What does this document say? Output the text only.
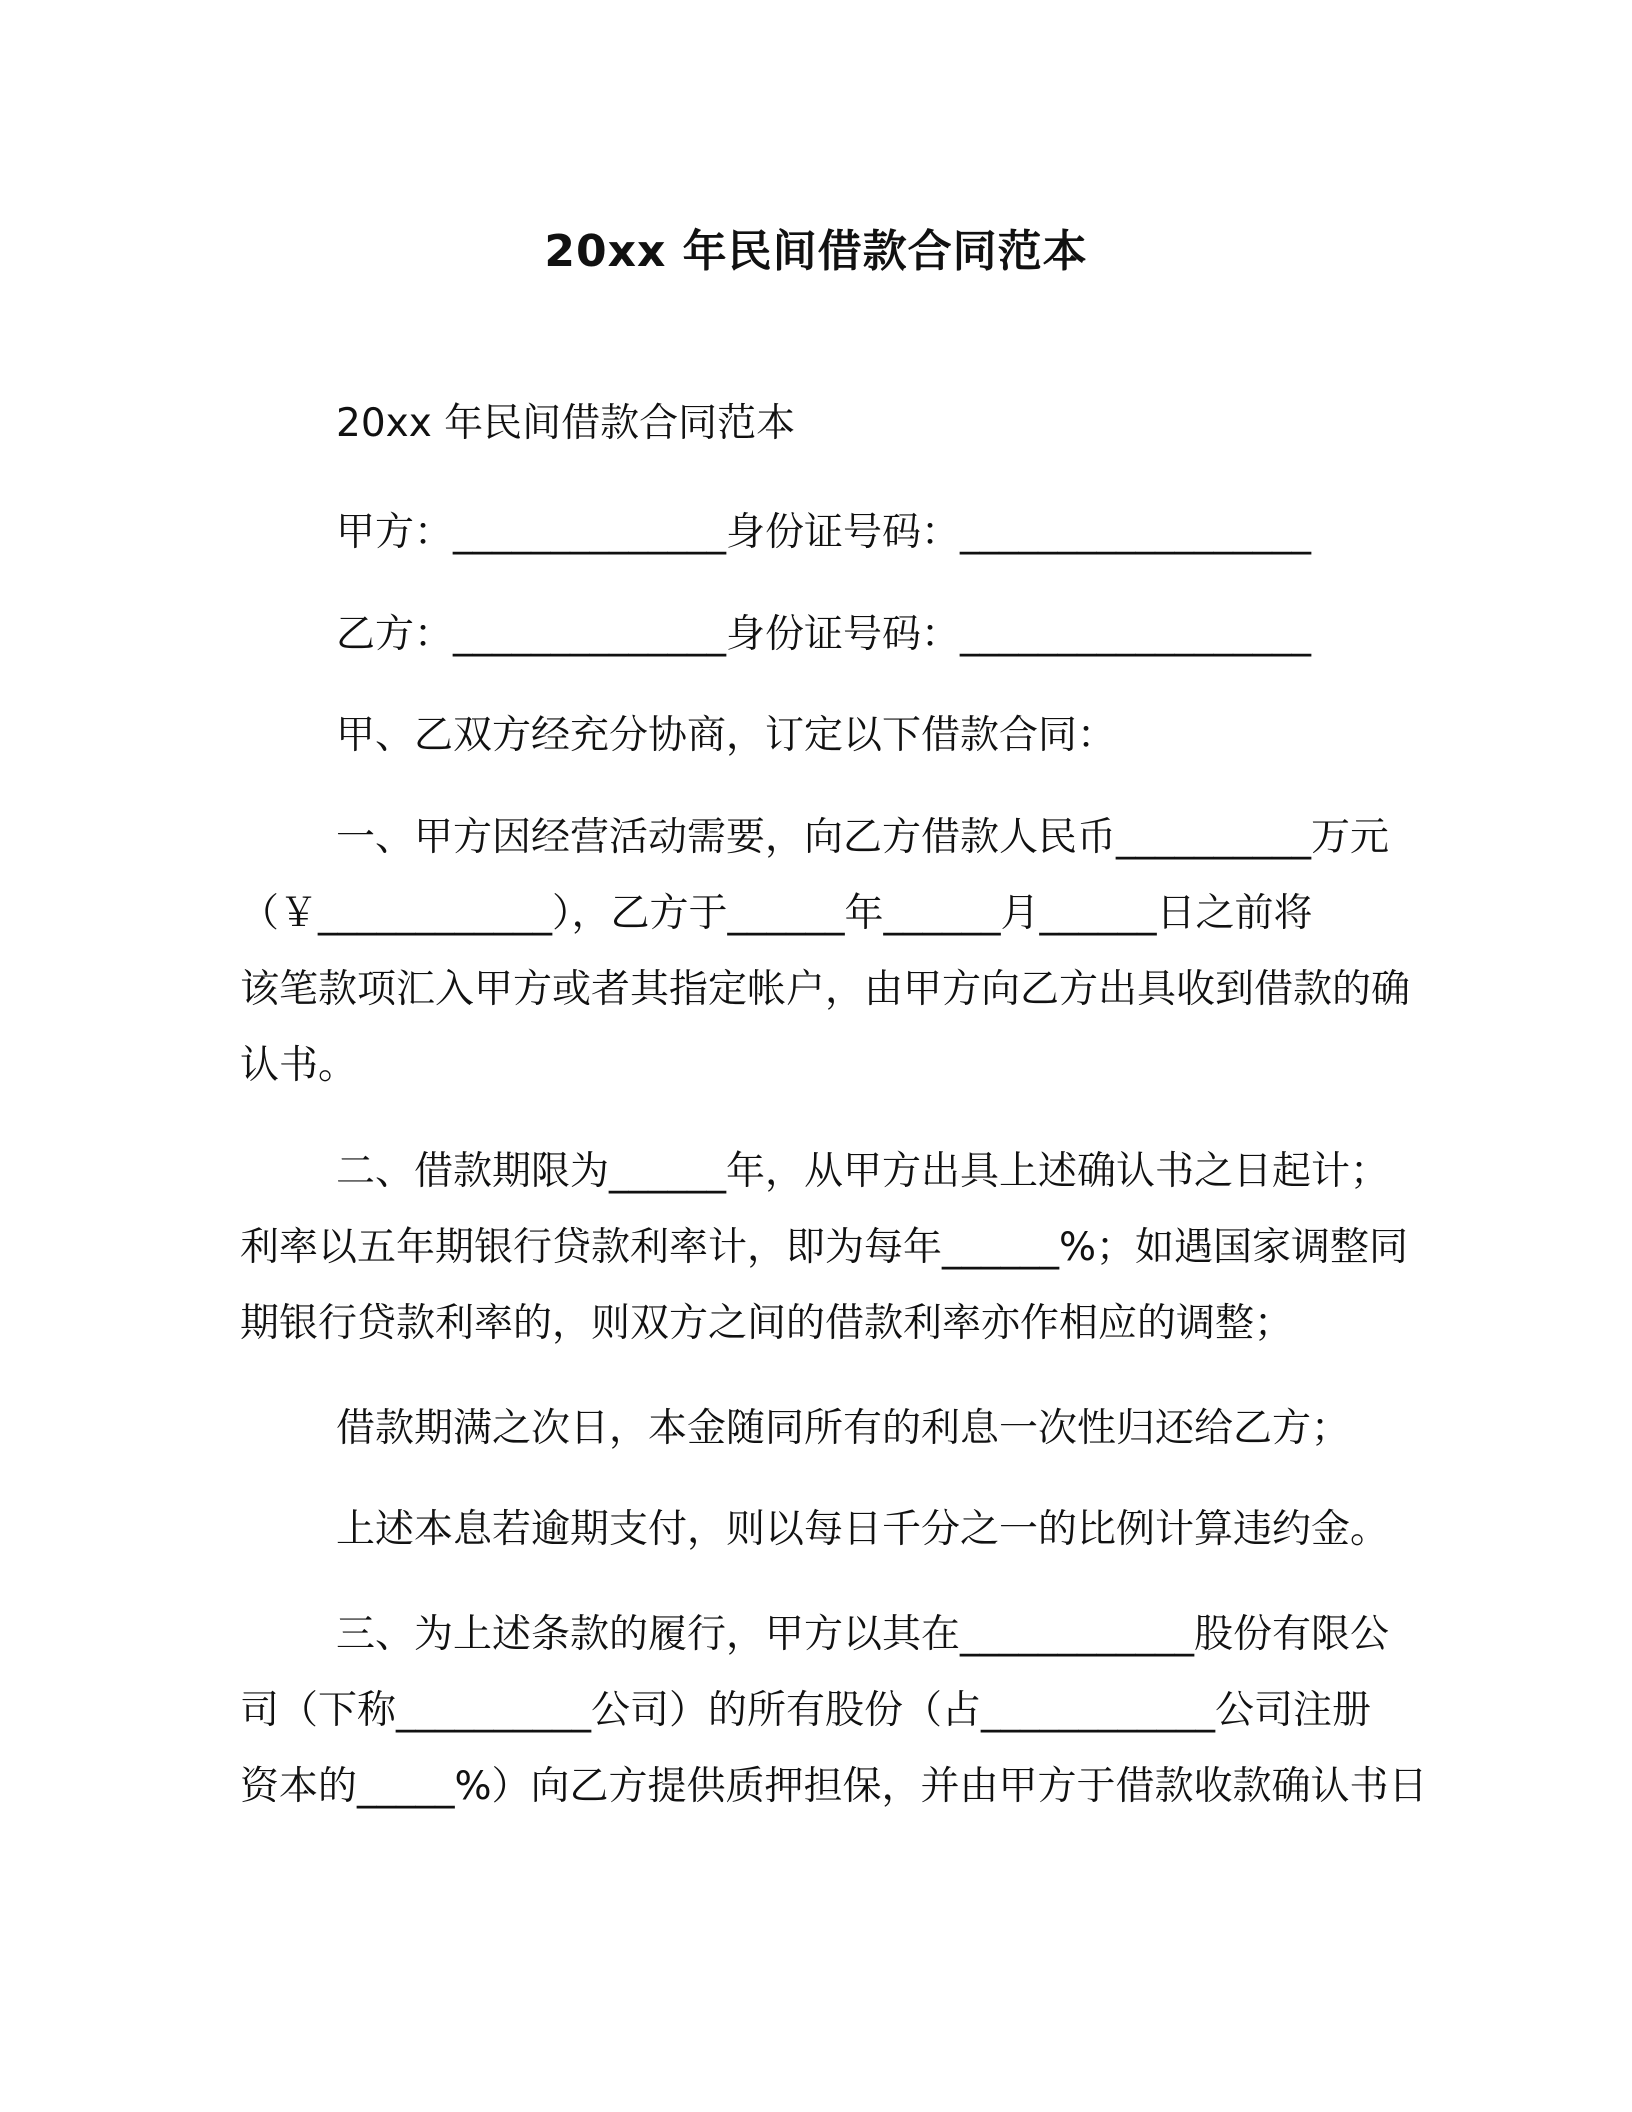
20xx 年民间借款合同范本
20xx 年民间借款合同范本
甲方：______________身份证号码：__________________
乙方：______________身份证号码：__________________
甲、乙双方经充分协商，订定以下借款合同：
一、甲方因经营活动需要，向乙方借款人民币__________万元
（￥____________），乙方于______年______月______日之前将
该笔款项汇入甲方或者其指定帐户，由甲方向乙方出具收到借款的确
认书。
二、借款期限为______年，从甲方出具上述确认书之日起计；
利率以五年期银行贷款利率计，即为每年______%；如遇国家调整同
期银行贷款利率的，则双方之间的借款利率亦作相应的调整；
借款期满之次日，本金随同所有的利息一次性归还给乙方；
上述本息若逾期支付，则以每日千分之一的比例计算违约金。
三、为上述条款的履行，甲方以其在____________股份有限公
司（下称__________公司）的所有股份（占____________公司注册
资本的_____%）向乙方提供质押担保，并由甲方于借款收款确认书日
